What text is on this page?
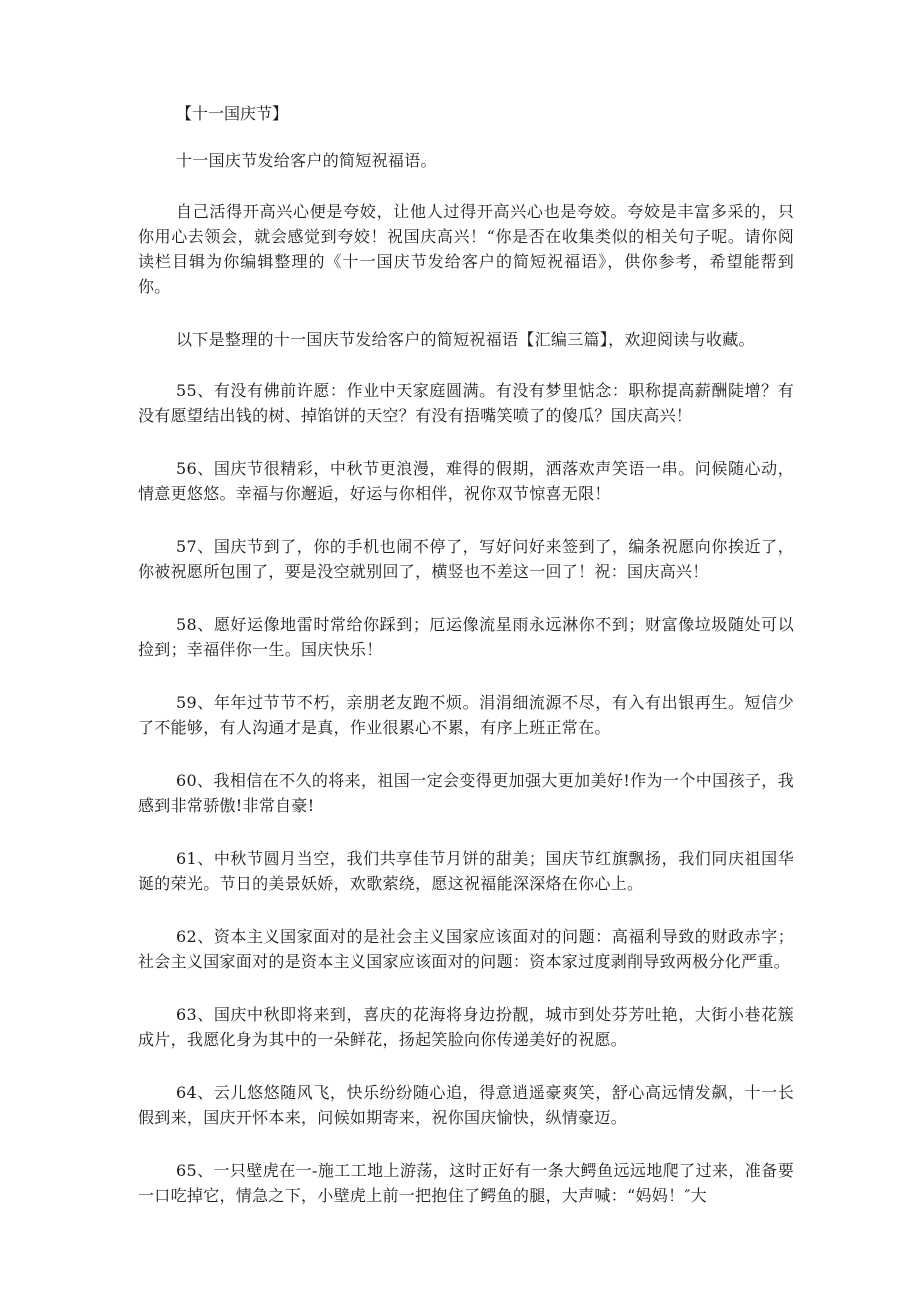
【十一国庆节】

十一国庆节发给客户的简短祝福语。

自己活得开高兴心便是夸姣，让他人过得开高兴心也是夸姣。夸姣是丰富多采的，只你用心去领会，就会感觉到夸姣！祝国庆高兴！“你是否在收集类似的相关句子呢。请你阅读栏目辑为你编辑整理的《十一国庆节发给客户的简短祝福语》，供你参考，希望能帮到你。

以下是整理的十一国庆节发给客户的简短祝福语【汇编三篇】，欢迎阅读与收藏。

55、有没有佛前许愿：作业中天家庭圆满。有没有梦里惦念：职称提高薪酬陡增？有没有愿望结出钱的树、掉馅饼的天空？有没有捂嘴笑喷了的傻瓜？国庆高兴！

56、国庆节很精彩，中秋节更浪漫，难得的假期，洒落欢声笑语一串。问候随心动，情意更悠悠。幸福与你邂逅，好运与你相伴，祝你双节惊喜无限！

57、国庆节到了，你的手机也闹不停了，写好问好来签到了，编条祝愿向你挨近了，你被祝愿所包围了，要是没空就别回了，横竖也不差这一回了！祝：国庆高兴！

58、愿好运像地雷时常给你踩到；厄运像流星雨永远淋你不到；财富像垃圾随处可以捡到；幸福伴你一生。国庆快乐！

59、年年过节节不朽，亲朋老友跑不烦。涓涓细流源不尽，有入有出银再生。短信少了不能够，有人沟通才是真，作业很累心不累，有序上班正常在。

60、我相信在不久的将来，祖国一定会变得更加强大更加美好!作为一个中国孩子，我感到非常骄傲!非常自豪!

61、中秋节圆月当空，我们共享佳节月饼的甜美；国庆节红旗飘扬，我们同庆祖国华诞的荣光。节日的美景妖娇，欢歌萦绕，愿这祝福能深深烙在你心上。

62、资本主义国家面对的是社会主义国家应该面对的问题：高福利导致的财政赤字；社会主义国家面对的是资本主义国家应该面对的问题：资本家过度剥削导致两极分化严重。

63、国庆中秋即将来到，喜庆的花海将身边扮靓，城市到处芬芳吐艳，大街小巷花簇成片，我愿化身为其中的一朵鲜花，扬起笑脸向你传递美好的祝愿。

64、云儿悠悠随风飞，快乐纷纷随心追，得意逍遥豪爽笑，舒心高远情发飙，十一长假到来，国庆开怀本来，问候如期寄来，祝你国庆愉快，纵情豪迈。

65、一只壁虎在一-施工工地上游荡，这时正好有一条大鳄鱼远远地爬了过来，准备要一口吃掉它，情急之下，小壁虎上前一把抱住了鳄鱼的腿，大声喊：“妈妈！″大
